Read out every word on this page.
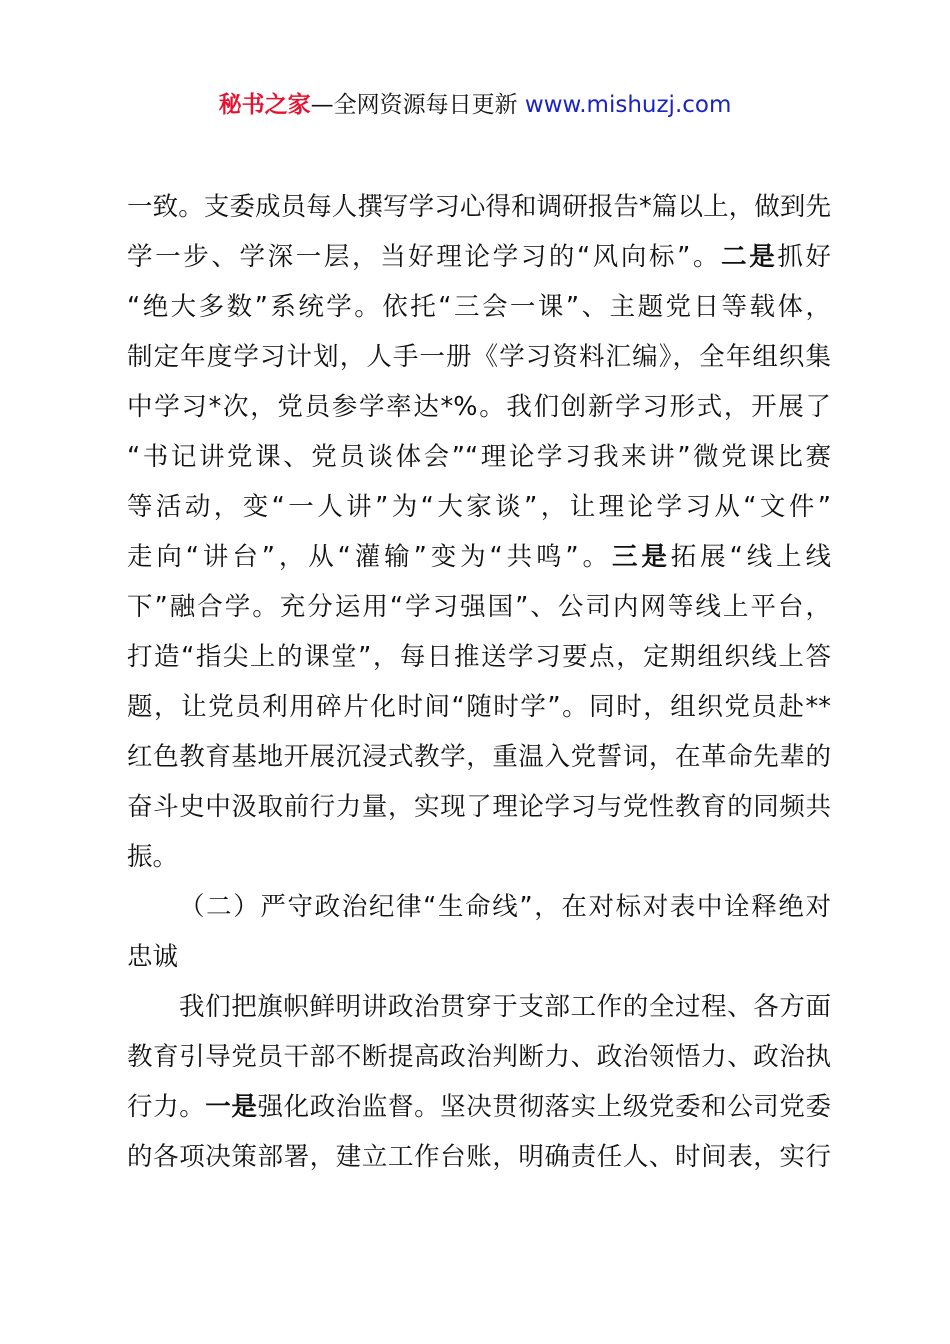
秘书之家—全网资源每日更新 www.mishuzj.com
一致。支委成员每人撰写学习心得和调研报告*篇以上，做到先
学一步、学深一层，当好理论学习的“风向标”。二是抓好
“绝大多数”系统学。依托“三会一课”、主题党日等载体，
制定年度学习计划，人手一册《学习资料汇编》，全年组织集
中学习*次，党员参学率达*%。我们创新学习形式，开展了
“书记讲党课、党员谈体会”“理论学习我来讲”微党课比赛
等活动，变“一人讲”为“大家谈”，让理论学习从“文件”
走向“讲台”，从“灌输”变为“共鸣”。三是拓展“线上线
下”融合学。充分运用“学习强国”、公司内网等线上平台，
打造“指尖上的课堂”，每日推送学习要点，定期组织线上答
题，让党员利用碎片化时间“随时学”。同时，组织党员赴**
红色教育基地开展沉浸式教学，重温入党誓词，在革命先辈的
奋斗史中汲取前行力量，实现了理论学习与党性教育的同频共
振。
（二）严守政治纪律“生命线”，在对标对表中诠释绝对
忠诚
我们把旗帜鲜明讲政治贯穿于支部工作的全过程、各方面
教育引导党员干部不断提高政治判断力、政治领悟力、政治执
行力。一是强化政治监督。坚决贯彻落实上级党委和公司党委
的各项决策部署，建立工作台账，明确责任人、时间表，实行
